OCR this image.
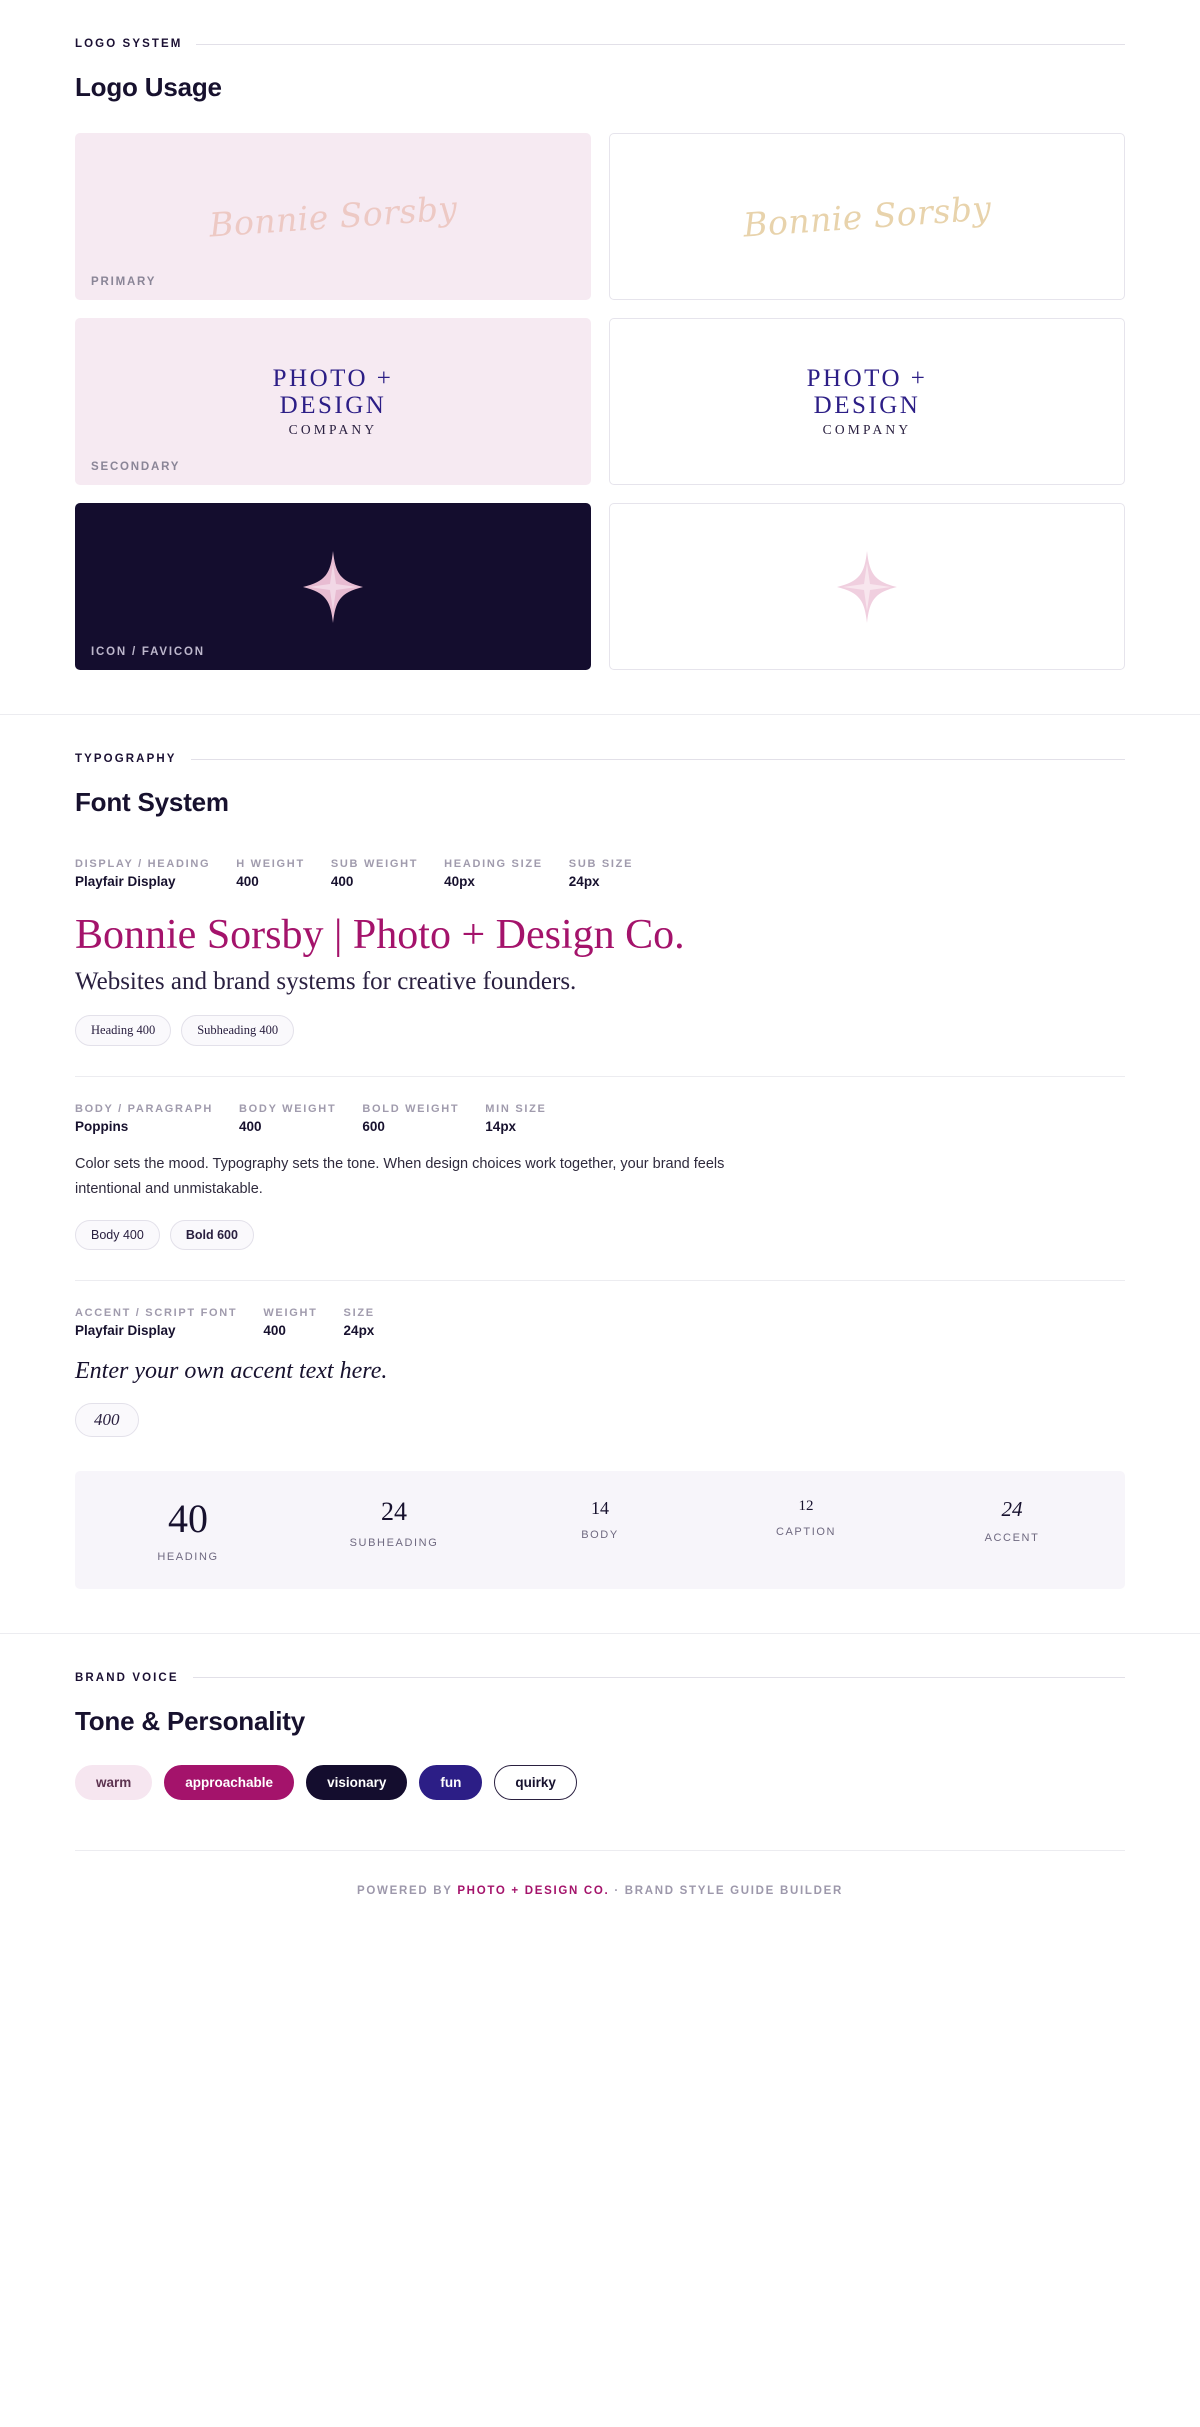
LOGO SYSTEM
Logo Usage
Bonnie Sorsby
PRIMARY
Bonnie Sorsby
PHOTO +
DESIGN
COMPANY
SECONDARY
PHOTO +
DESIGN
COMPANY
ICON / FAVICON
TYPOGRAPHY
Font System
DISPLAY / HEADING
Playfair Display
H WEIGHT
400
SUB WEIGHT
400
HEADING SIZE
40px
SUB SIZE
24px
Bonnie Sorsby | Photo + Design Co.
Websites and brand systems for creative founders.
Heading 400	Subheading 400
BODY / PARAGRAPH
Poppins
BODY WEIGHT
400
BOLD WEIGHT
600
MIN SIZE
14px
Color sets the mood. Typography sets the tone. When design choices work together, your brand feels intentional and unmistakable.
Body 400	Bold 600
ACCENT / SCRIPT FONT
Playfair Display
WEIGHT
400
SIZE
24px
Enter your own accent text here.
400
40
HEADING
24
SUBHEADING
14
BODY
12
CAPTION
24
ACCENT
BRAND VOICE
Tone & Personality
warm	approachable	visionary	fun	quirky
POWERED BY PHOTO + DESIGN CO. · BRAND STYLE GUIDE BUILDER
